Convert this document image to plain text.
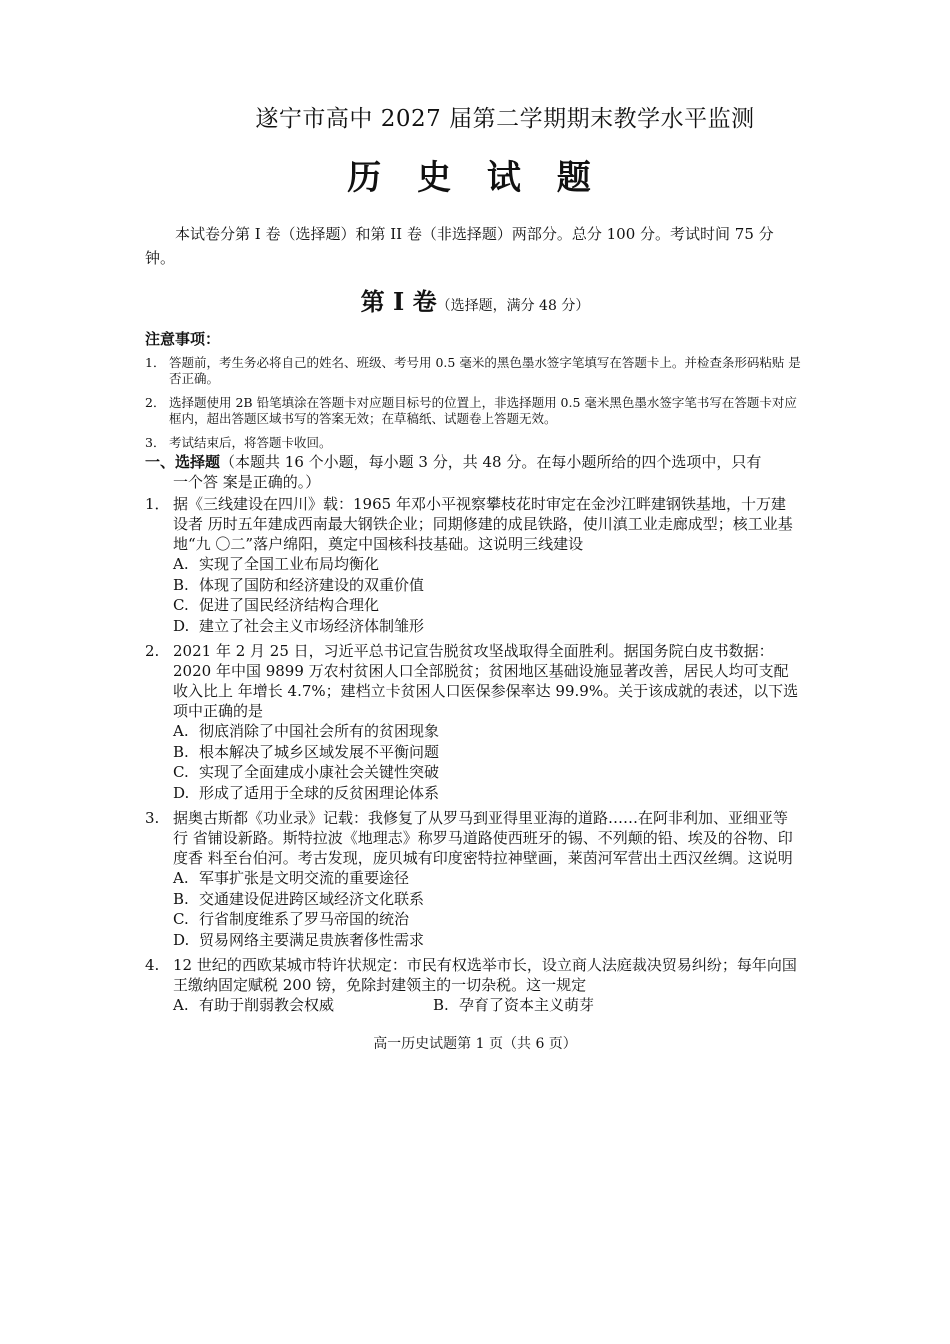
遂宁市高中 2027 届第二学期期末教学水平监测
历 史 试 题
本试卷分第 I 卷（选择题）和第 II 卷（非选择题）两部分。总分 100 分。考试时间 75 分钟。
第 I 卷（选择题，满分 48 分）
注意事项：
1． 答题前，考生务必将自己的姓名、班级、考号用 0.5 毫米的黑色墨水签字笔填写在答题卡上。并检查条形码粘贴 是否正确。
2． 选择题使用 2B 铅笔填涂在答题卡对应题目标号的位置上，非选择题用 0.5 毫米黑色墨水签字笔书写在答题卡对应 框内，超出答题区域书写的答案无效；在草稿纸、试题卷上答题无效。
3． 考试结束后，将答题卡收回。
一、选择题（本题共 16 个小题，每小题 3 分，共 48 分。在每小题所给的四个选项中，只有
一个答 案是正确的。）
1． 据《三线建设在四川》载：1965 年邓小平视察攀枝花时审定在金沙江畔建钢铁基地，十万建设者 历时五年建成西南最大钢铁企业；同期修建的成昆铁路，使川滇工业走廊成型；核工业基地“九 〇二”落户绵阳，奠定中国核科技基础。这说明三线建设
A. 实现了全国工业布局均衡化
B. 体现了国防和经济建设的双重价值
C. 促进了国民经济结构合理化
D. 建立了社会主义市场经济体制雏形
2. 2021 年 2 月 25 日，习近平总书记宣告脱贫攻坚战取得全面胜利。据国务院白皮书数据：2020 年中国 9899 万农村贫困人口全部脱贫；贫困地区基础设施显著改善，居民人均可支配收入比上 年增长 4.7%；建档立卡贫困人口医保参保率达 99.9%。关于该成就的表述，以下选项中正确的是
A. 彻底消除了中国社会所有的贫困现象
B. 根本解决了城乡区域发展不平衡问题
C. 实现了全面建成小康社会关键性突破
D. 形成了适用于全球的反贫困理论体系
3. 据奥古斯都《功业录》记载：我修复了从罗马到亚得里亚海的道路……在阿非利加、亚细亚等行 省铺设新路。斯特拉波《地理志》称罗马道路使西班牙的锡、不列颠的铅、埃及的谷物、印度香 料至台伯河。考古发现，庞贝城有印度密特拉神壁画，莱茵河军营出土西汉丝绸。这说明
A. 军事扩张是文明交流的重要途径
B. 交通建设促进跨区域经济文化联系
C. 行省制度维系了罗马帝国的统治
D. 贸易网络主要满足贵族奢侈性需求
4. 12 世纪的西欧某城市特许状规定：市民有权选举市长，设立商人法庭裁决贸易纠纷；每年向国 王缴纳固定赋税 200 镑，免除封建领主的一切杂税。这一规定
A. 有助于削弱教会权威	B. 孕育了资本主义萌芽
高一历史试题第 1 页（共 6 页）
